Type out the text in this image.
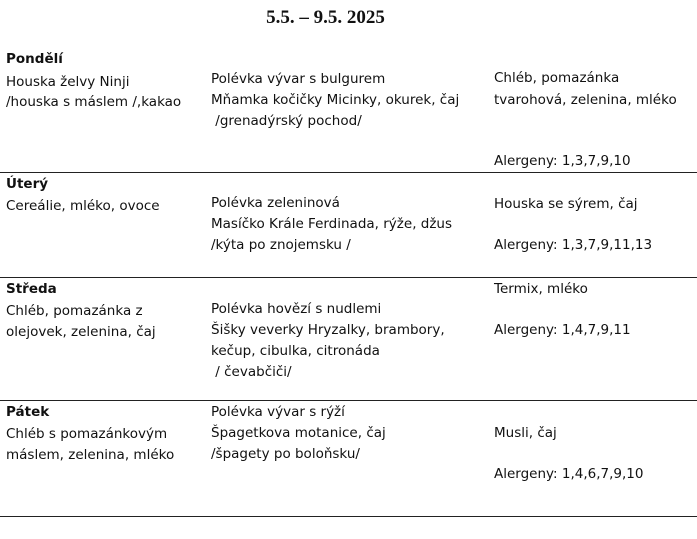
5.5. – 9.5. 2025
Pondělí
Houska želvy Ninji
/houska s máslem /,kakao
Polévka vývar s bulgurem
Mňamka kočičky Micinky, okurek, čaj
/grenadýrský pochod/
Chléb, pomazánka
tvarohová, zelenina, mléko
Alergeny: 1,3,7,9,10
Úterý
Cereálie, mléko, ovoce	Polévka zeleninová
Masíčko Krále Ferdinada, rýže, džus
/kýta po znojemsku /
Houska se sýrem, čaj
Alergeny: 1,3,7,9,11,13
Středa
Chléb, pomazánka z
olejovek, zelenina, čaj
Polévka hovězí s nudlemi
Šišky veverky Hryzalky, brambory,
kečup, cibulka, citronáda
/ čevabčiči/
Termix, mléko
Alergeny: 1,4,7,9,11
Pátek
Chléb s pomazánkovým
máslem, zelenina, mléko
Polévka vývar s rýží
Špagetkova motanice, čaj
/špagety po boloňsku/
Musli, čaj
Alergeny: 1,4,6,7,9,10
